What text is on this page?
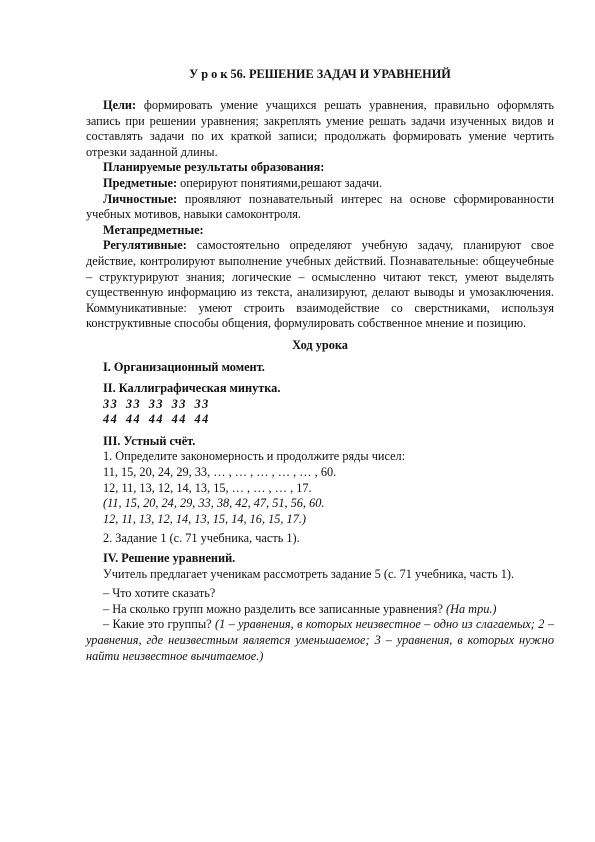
У р о к 56. РЕШЕНИЕ ЗАДАЧ И УРАВНЕНИЙ

Цели: формировать умение учащихся решать уравнения, правильно оформлять запись при решении уравнения; закреплять умение решать задачи изученных видов и составлять задачи по их краткой записи; продолжать формировать умение чертить отрезки заданной длины.

Планируемые результаты образования:

Предметные: оперируют понятиями,решают задачи.

Личностные: проявляют познавательный интерес на основе сформированности учебных мотивов, навыки самоконтроля.

Метапредметные:

Регулятивные: самостоятельно определяют учебную задачу, планируют свое действие, контролируют выполнение учебных действий. Познавательные: общеучебные – структурируют знания; логические – осмысленно читают текст, умеют выделять существенную информацию из текста, анализируют, делают выводы и умозаключения. Коммуникативные: умеют строить взаимодействие со сверстниками, используя конструктивные способы общения, формулировать собственное мнение и позицию.

Ход урока

I. Организационный момент.

II. Каллиграфическая минутка.

33 33 33 33 33

44 44 44 44 44

III. Устный счёт.

1. Определите закономерность и продолжите ряды чисел:

11, 15, 20, 24, 29, 33, … , … , … , … , … , 60.

12, 11, 13, 12, 14, 13, 15, … , … , … , 17.

(11, 15, 20, 24, 29, 33, 38, 42, 47, 51, 56, 60.

12, 11, 13, 12, 14, 13, 15, 14, 16, 15, 17.)

2. Задание 1 (с. 71 учебника, часть 1).

IV. Решение уравнений.

Учитель предлагает ученикам рассмотреть задание 5 (с. 71 учебника, часть 1).

– Что хотите сказать?

– На сколько групп можно разделить все записанные уравнения? (На три.)

– Какие это группы? (1 – уравнения, в которых неизвестное – одно из слагаемых; 2 – уравнения, где неизвестным является уменьшаемое; 3 – уравнения, в которых нужно найти неизвестное вычитаемое.)
